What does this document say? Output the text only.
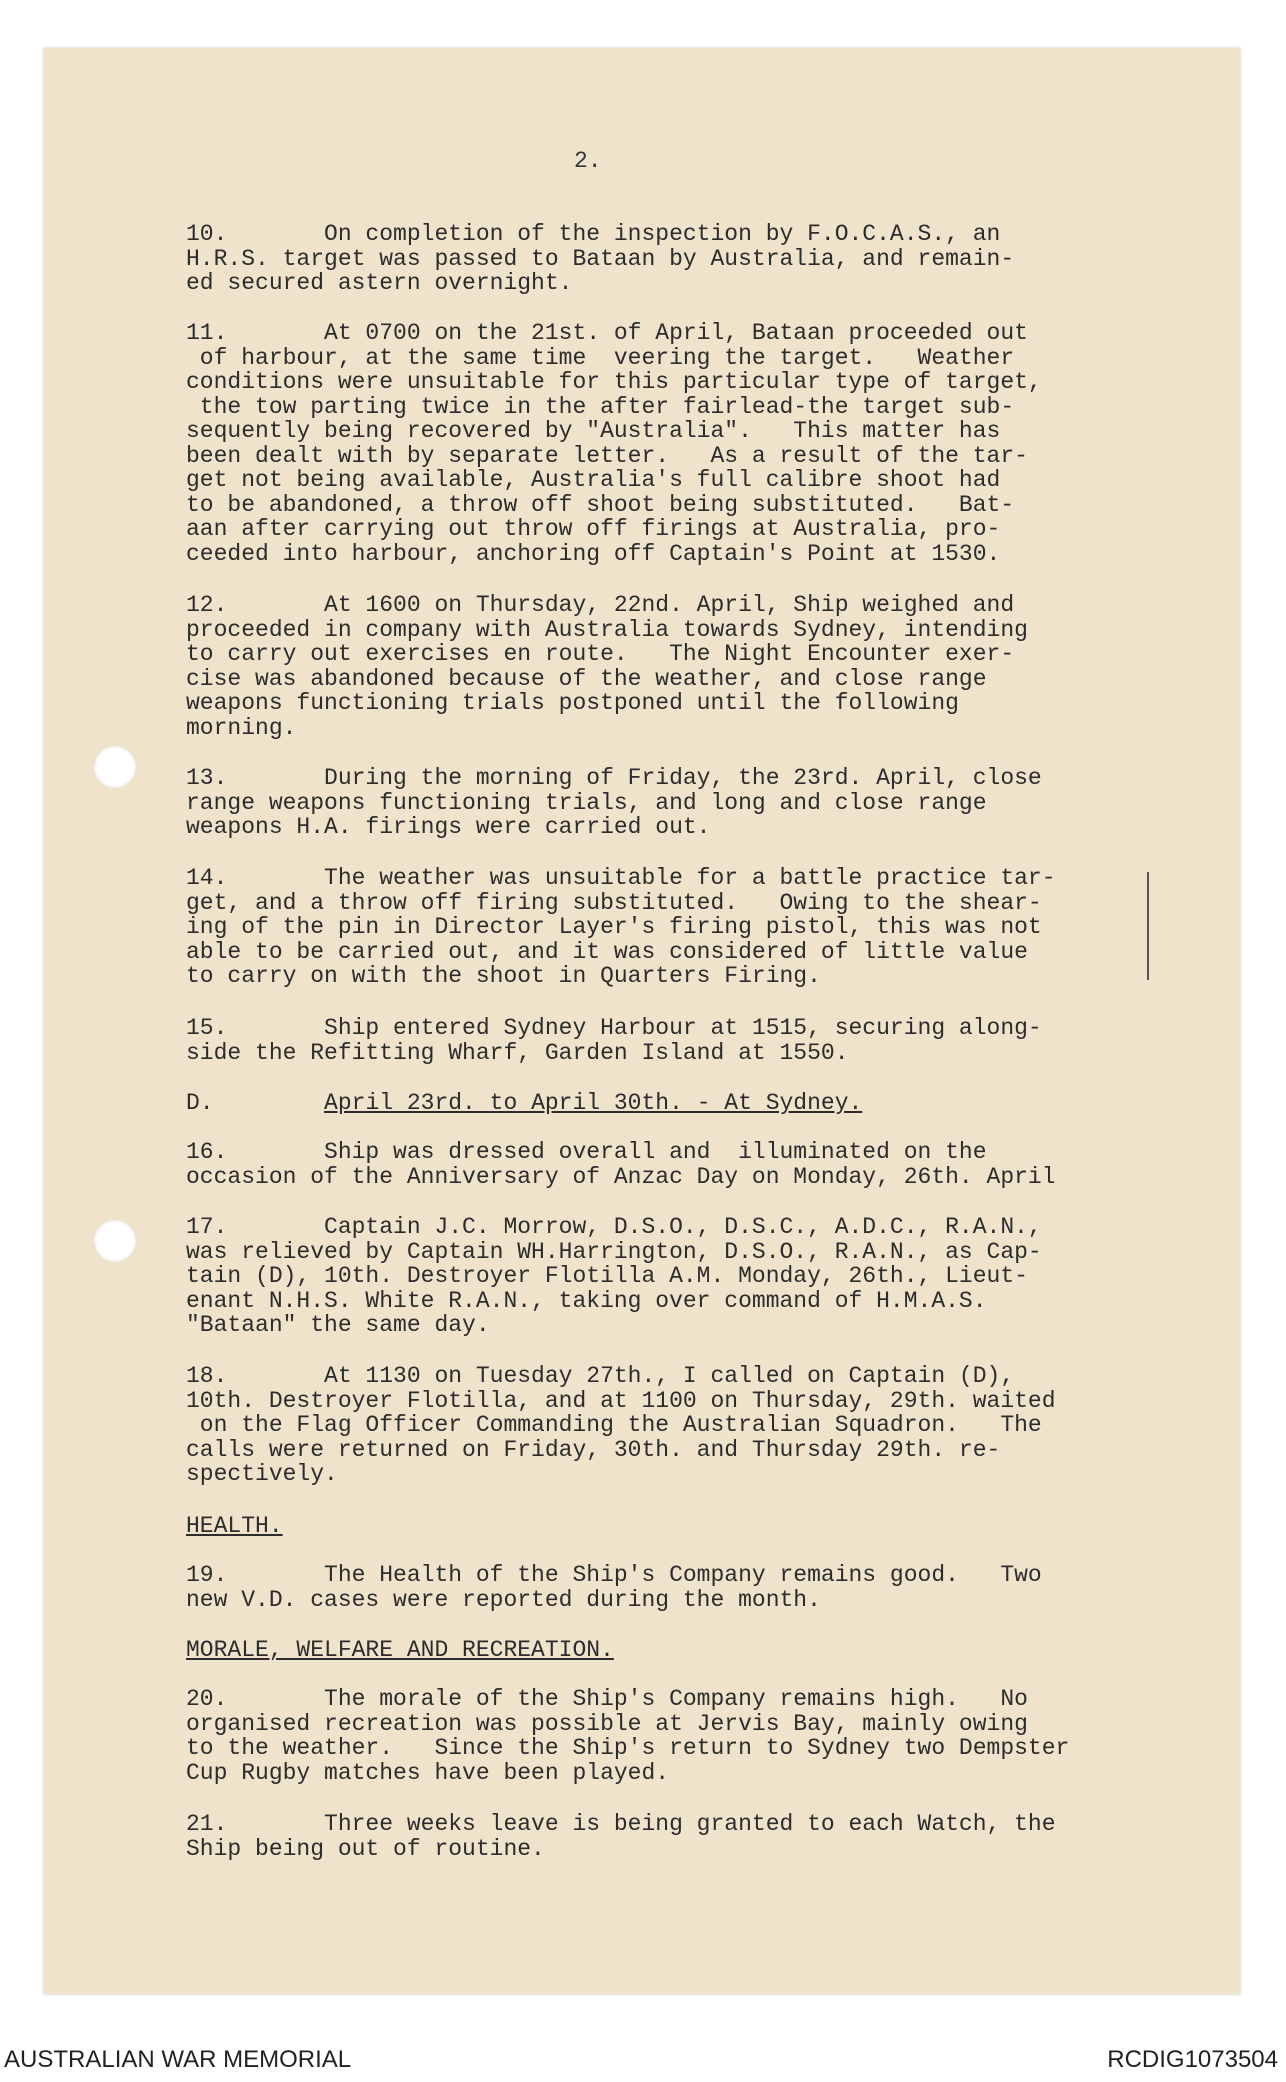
2.
10.       On completion of the inspection by F.O.C.A.S., an
H.R.S. target was passed to Bataan by Australia, and remain-
ed secured astern overnight.
11.       At 0700 on the 21st. of April, Bataan proceeded out
of harbour, at the same time  veering the target.   Weather
conditions were unsuitable for this particular type of target,
the tow parting twice in the after fairlead-the target sub-
sequently being recovered by "Australia".   This matter has
been dealt with by separate letter.   As a result of the tar-
get not being available, Australia's full calibre shoot had
to be abandoned, a throw off shoot being substituted.   Bat-
aan after carrying out throw off firings at Australia, pro-
ceeded into harbour, anchoring off Captain's Point at 1530.
12.       At 1600 on Thursday, 22nd. April, Ship weighed and
proceeded in company with Australia towards Sydney, intending
to carry out exercises en route.   The Night Encounter exer-
cise was abandoned because of the weather, and close range
weapons functioning trials postponed until the following
morning.
13.       During the morning of Friday, the 23rd. April, close
range weapons functioning trials, and long and close range
weapons H.A. firings were carried out.
14.       The weather was unsuitable for a battle practice tar-
get, and a throw off firing substituted.   Owing to the shear-
ing of the pin in Director Layer's firing pistol, this was not
able to be carried out, and it was considered of little value
to carry on with the shoot in Quarters Firing.
15.       Ship entered Sydney Harbour at 1515, securing along-
side the Refitting Wharf, Garden Island at 1550.
D.        April 23rd. to April 30th. - At Sydney.
16.       Ship was dressed overall and  illuminated on the
occasion of the Anniversary of Anzac Day on Monday, 26th. April
17.       Captain J.C. Morrow, D.S.O., D.S.C., A.D.C., R.A.N.,
was relieved by Captain WH.Harrington, D.S.O., R.A.N., as Cap-
tain (D), 10th. Destroyer Flotilla A.M. Monday, 26th., Lieut-
enant N.H.S. White R.A.N., taking over command of H.M.A.S.
"Bataan" the same day.
18.       At 1130 on Tuesday 27th., I called on Captain (D),
10th. Destroyer Flotilla, and at 1100 on Thursday, 29th. waited
on the Flag Officer Commanding the Australian Squadron.   The
calls were returned on Friday, 30th. and Thursday 29th. re-
spectively.
HEALTH.
19.       The Health of the Ship's Company remains good.   Two
new V.D. cases were reported during the month.
MORALE, WELFARE AND RECREATION.
20.       The morale of the Ship's Company remains high.   No
organised recreation was possible at Jervis Bay, mainly owing
to the weather.   Since the Ship's return to Sydney two Dempster
Cup Rugby matches have been played.
21.       Three weeks leave is being granted to each Watch, the
Ship being out of routine.
AUSTRALIAN WAR MEMORIAL	RCDIG1073504
